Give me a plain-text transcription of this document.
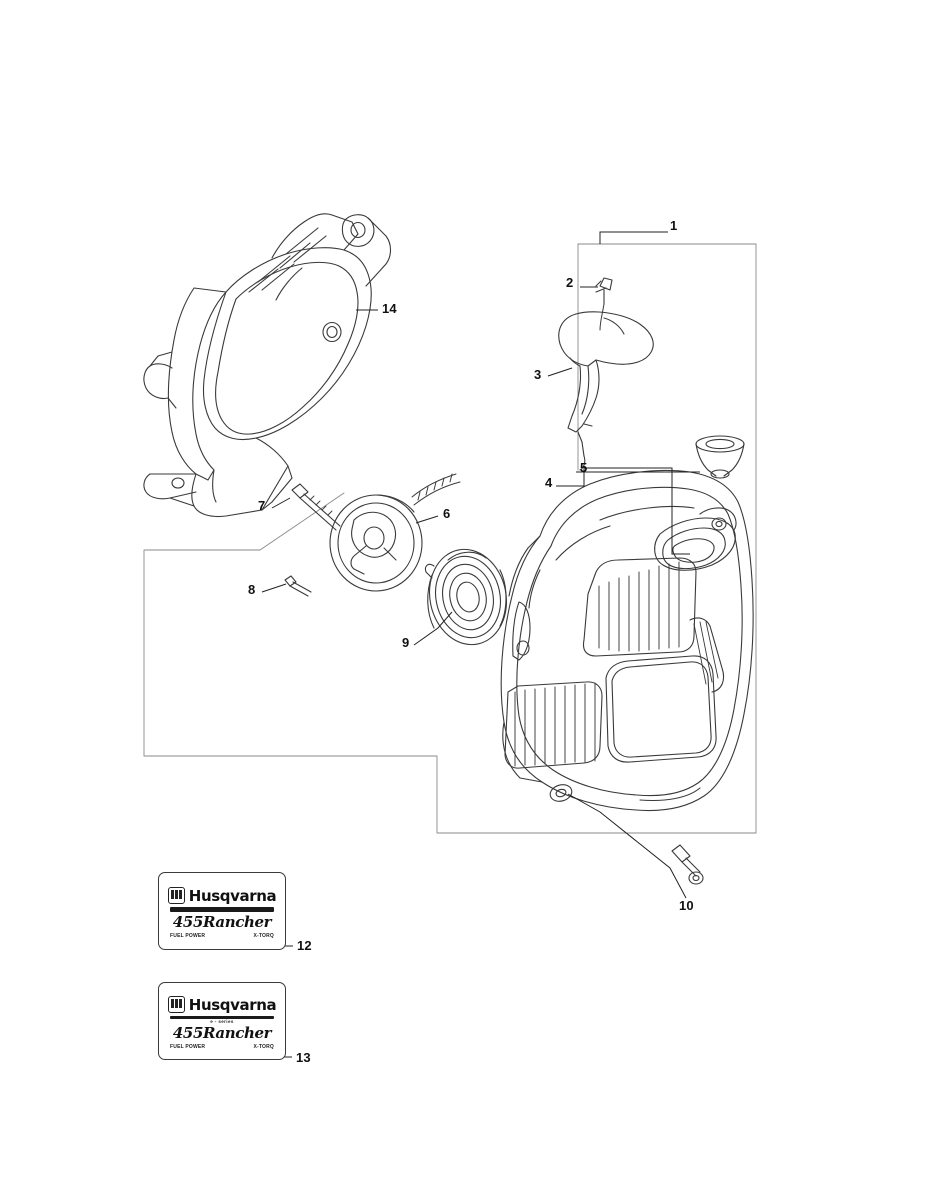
1
2
3
4
5
6
7
8
9
10
12
13
14
Husqvarna
455Rancher
FUEL POWER	X-TORQ
Husqvarna
e - series
455Rancher
FUEL POWER	X-TORQ
